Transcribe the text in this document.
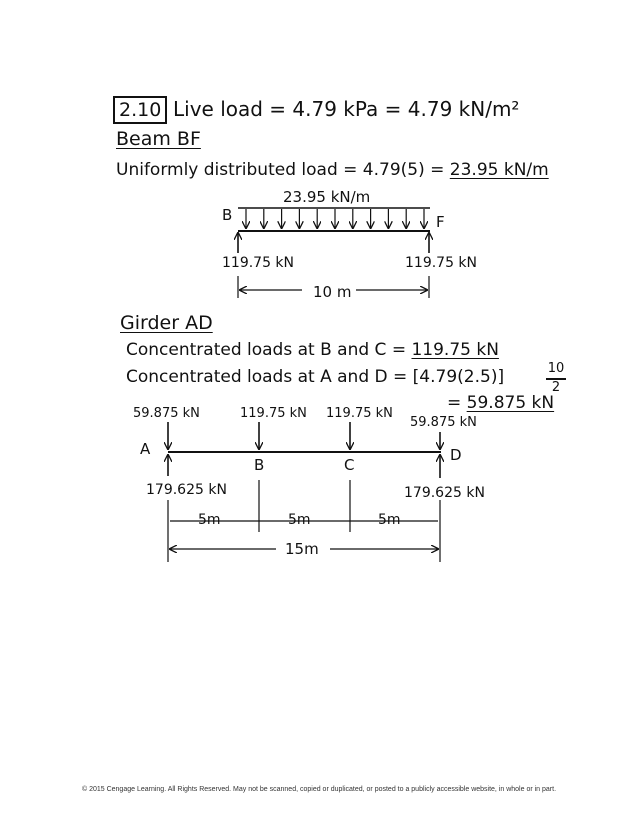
2.10 Live load = 4.79 kPa = 4.79 kN/m²
Beam BF
Uniformly distributed load = 4.79(5) = 23.95 kN/m
23.95 kN/m
B	F
119.75 kN	119.75 kN
10 m
Girder AD
Concentrated loads at B and C = 119.75 kN
Concentrated loads at A and D = [4.79(2.5)]	10
2
= 59.875 kN
59.875 kN	119.75 kN 119.75 kN
59.875 kN
A
B	C
D
179.625 kN	179.625 kN
5m	5m	5m
15m
© 2015 Cengage Learning. All Rights Reserved. May not be scanned, copied or duplicated, or posted to a publicly accessible website, in whole or in part.
